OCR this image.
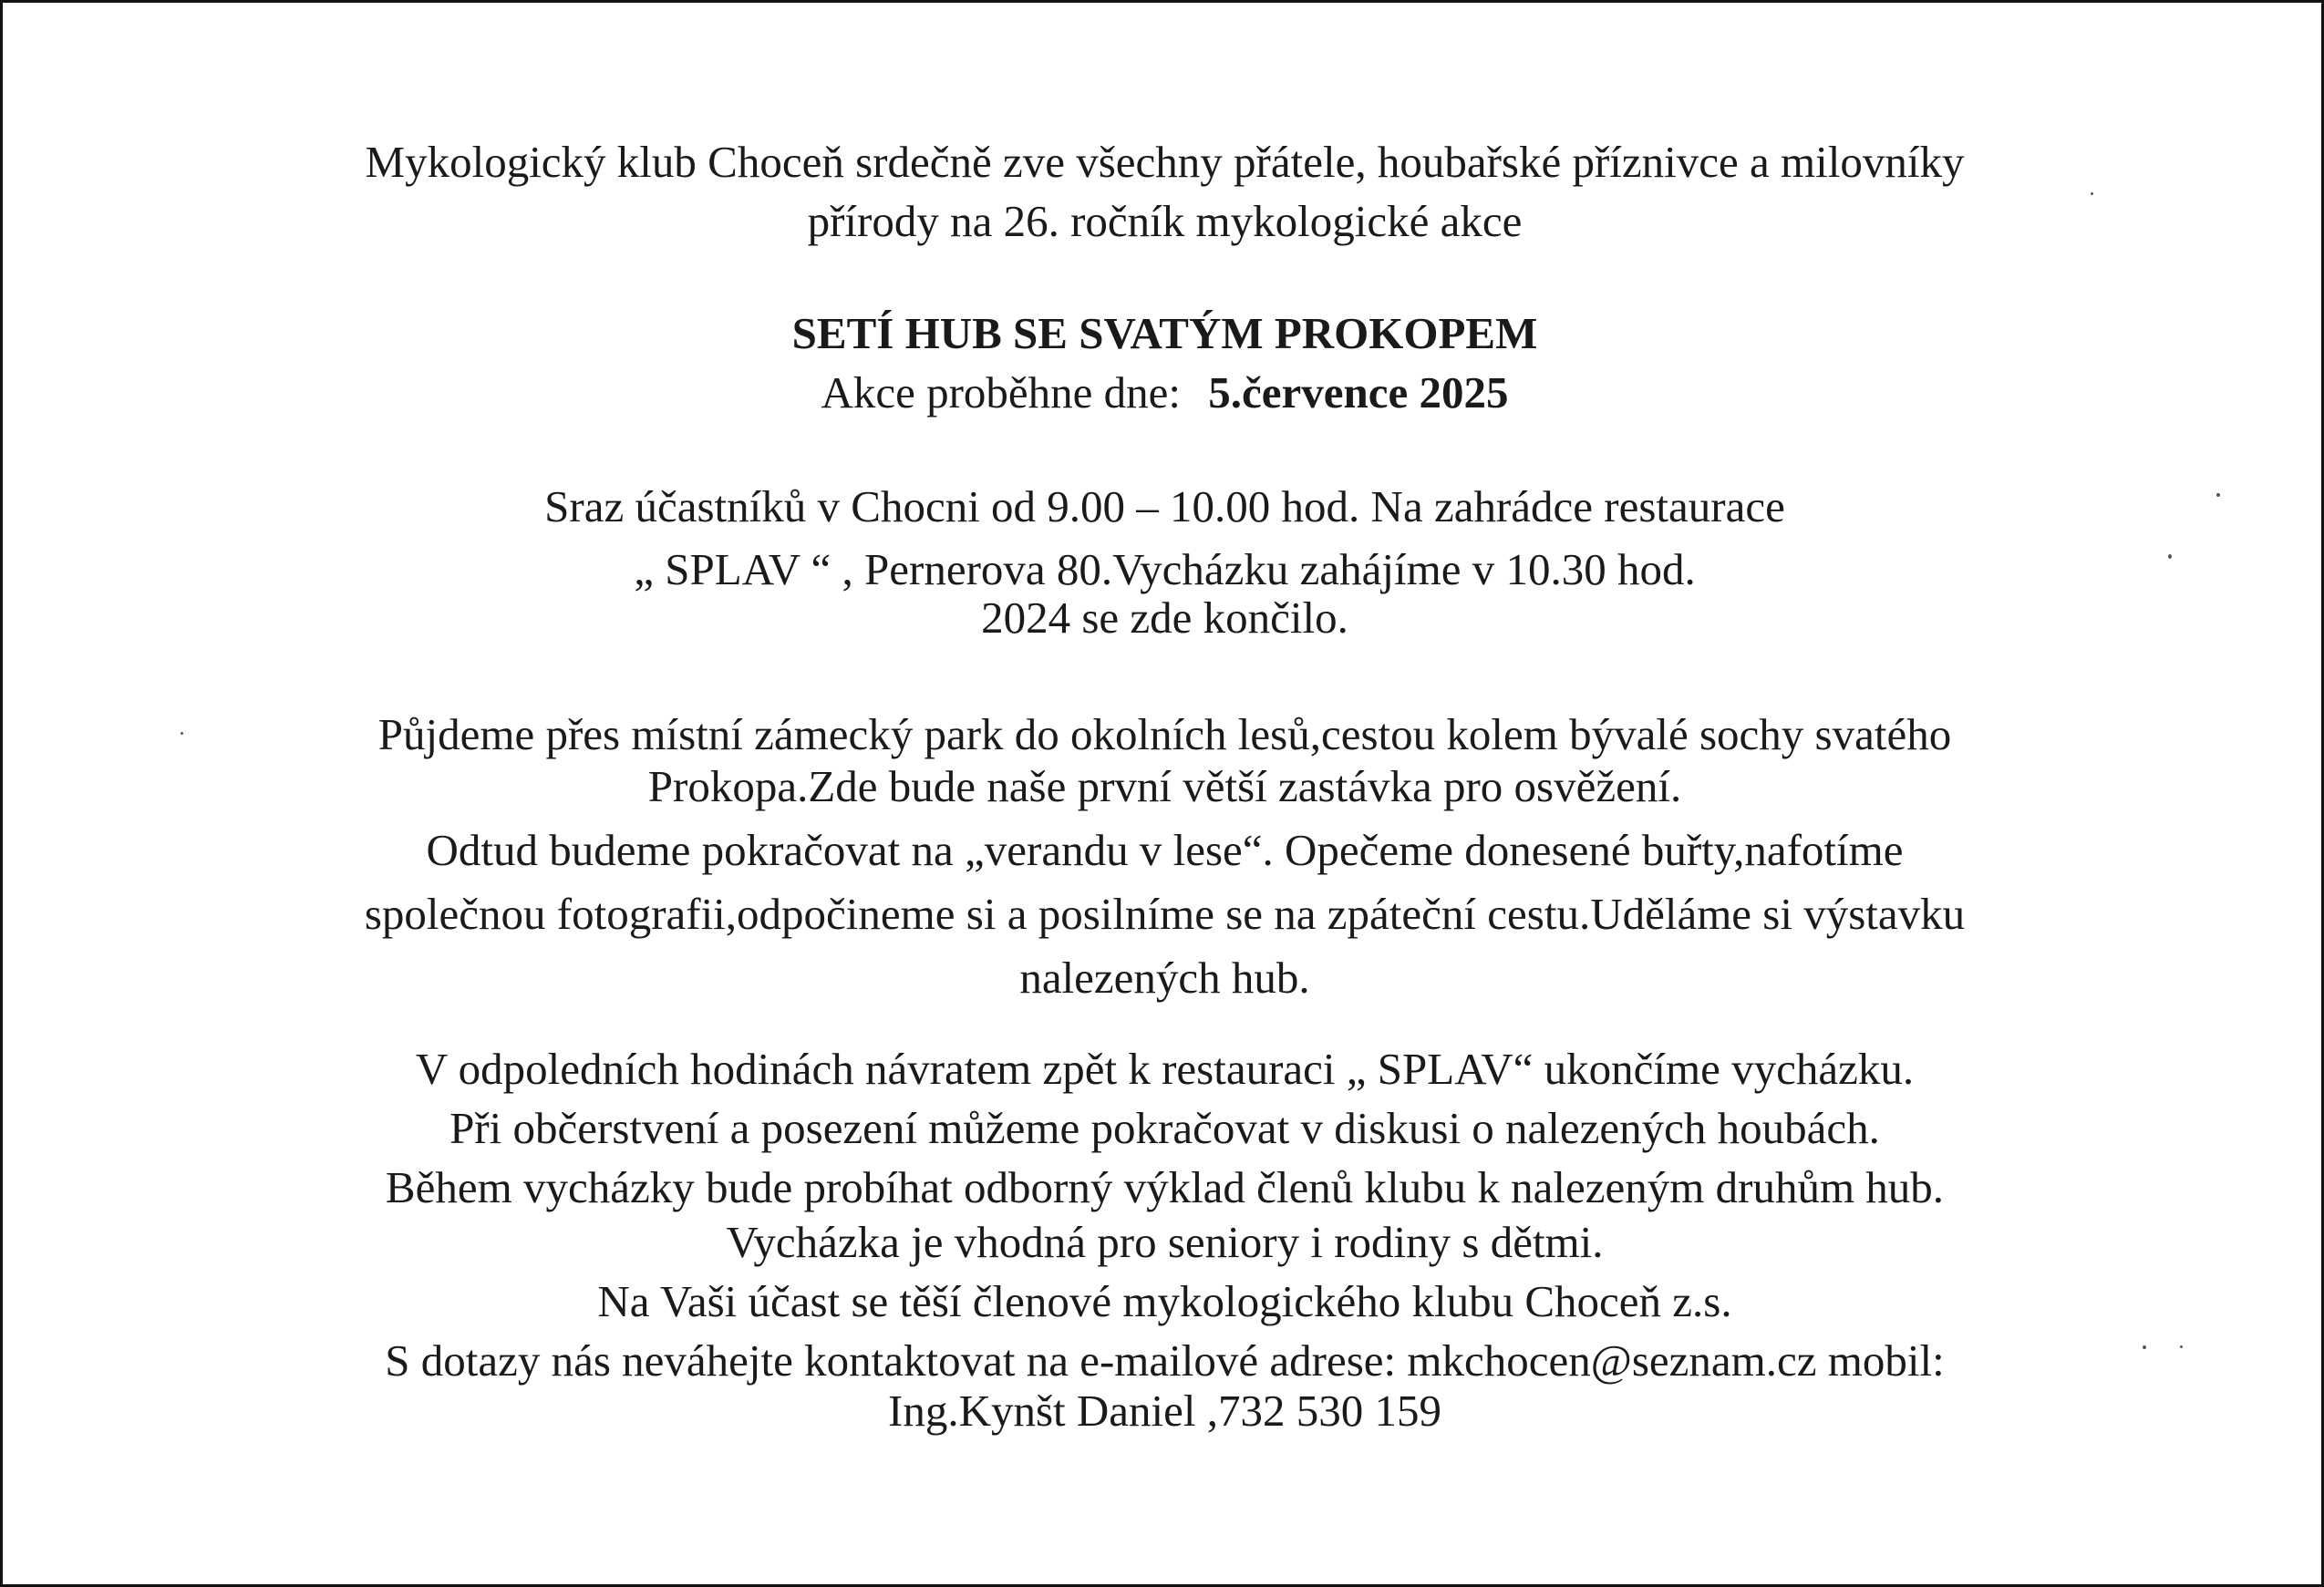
Mykologický klub Choceň srdečně zve všechny přátele, houbařské příznivce a milovníky
přírody na 26. ročník mykologické akce
SETÍ HUB SE SVATÝM PROKOPEM
Akce proběhne dne: 5.července 2025
Sraz účastníků v Chocni od 9.00 – 10.00 hod. Na zahrádce restaurace
„ SPLAV “ , Pernerova 80.Vycházku zahájíme v 10.30 hod.
2024 se zde končilo.
Půjdeme přes místní zámecký park do okolních lesů,cestou kolem bývalé sochy svatého
Prokopa.Zde bude naše první větší zastávka pro osvěžení.
Odtud budeme pokračovat na „verandu v lese“. Opečeme donesené buřty,nafotíme
společnou fotografii,odpočineme si a posilníme se na zpáteční cestu.Uděláme si výstavku
nalezených hub.
V odpoledních hodinách návratem zpět k restauraci „ SPLAV“ ukončíme vycházku.
Při občerstvení a posezení můžeme pokračovat v diskusi o nalezených houbách.
Během vycházky bude probíhat odborný výklad členů klubu k nalezeným druhům hub.
Vycházka je vhodná pro seniory i rodiny s dětmi.
Na Vaši účast se těší členové mykologického klubu Choceň z.s.
S dotazy nás neváhejte kontaktovat na e-mailové adrese: mkchocen@seznam.cz mobil:
Ing.Kynšt Daniel ,732 530 159
